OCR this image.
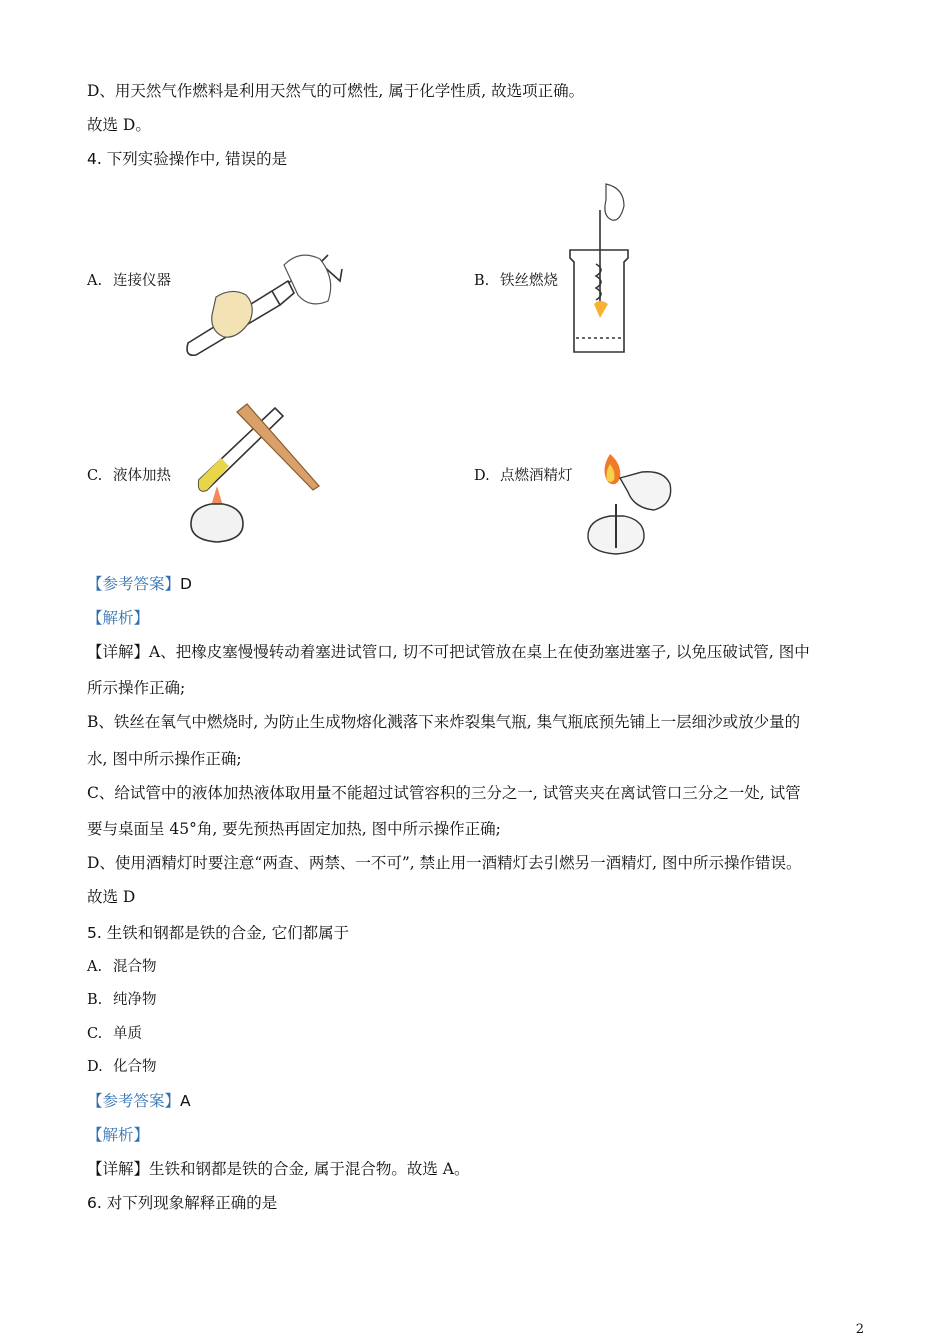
D、用天然气作燃料是利用天然气的可燃性, 属于化学性质, 故选项正确。
故选 D。
4. 下列实验操作中, 错误的是
A. 连接仪器	B. 铁丝燃烧
C. 液体加热	D. 点燃酒精灯
【参考答案】D
【解析】
【详解】A、把橡皮塞慢慢转动着塞进试管口, 切不可把试管放在桌上在使劲塞进塞子, 以免压破试管, 图中
所示操作正确;
B、铁丝在氧气中燃烧时, 为防止生成物熔化溅落下来炸裂集气瓶, 集气瓶底预先铺上一层细沙或放少量的
水, 图中所示操作正确;
C、给试管中的液体加热液体取用量不能超过试管容积的三分之一, 试管夹夹在离试管口三分之一处, 试管
要与桌面呈 45°角, 要先预热再固定加热, 图中所示操作正确;
D、使用酒精灯时要注意“两查、两禁、一不可”, 禁止用一酒精灯去引燃另一酒精灯, 图中所示操作错误。
故选 D
5. 生铁和钢都是铁的合金, 它们都属于
A. 混合物
B. 纯净物
C. 单质
D. 化合物
【参考答案】A
【解析】
【详解】生铁和钢都是铁的合金, 属于混合物。故选 A。
6. 对下列现象解释正确的是
2
